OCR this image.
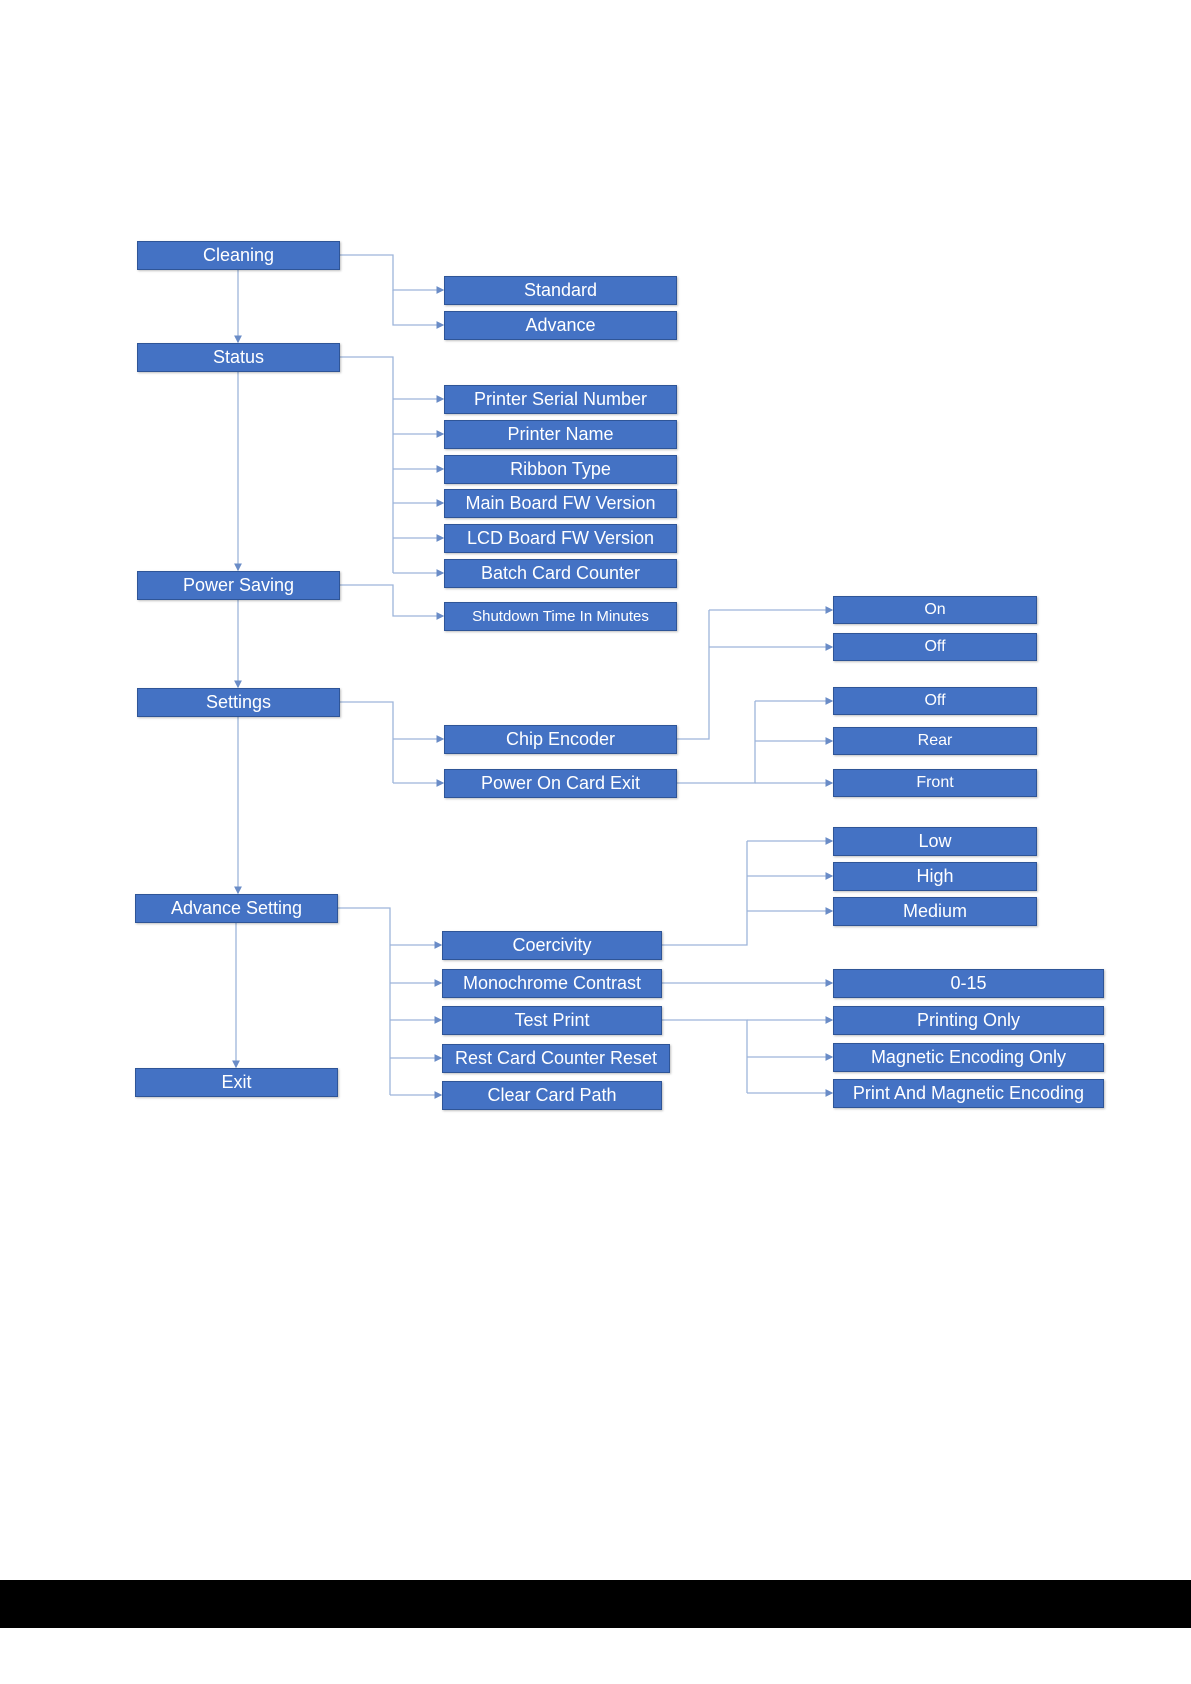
Cleaning
Status
Power Saving
Settings
Advance Setting
Exit
Standard
Advance
Printer Serial Number
Printer Name
Ribbon Type
Main Board FW Version
LCD Board FW Version
Batch Card Counter
Shutdown Time In Minutes
Chip Encoder
Power On Card Exit
On
Off
Off
Rear
Front
Coercivity
Monochrome Contrast
Test Print
Rest Card Counter Reset
Clear Card Path
Low
High
Medium
0-15
Printing Only
Magnetic Encoding Only
Print And Magnetic Encoding
